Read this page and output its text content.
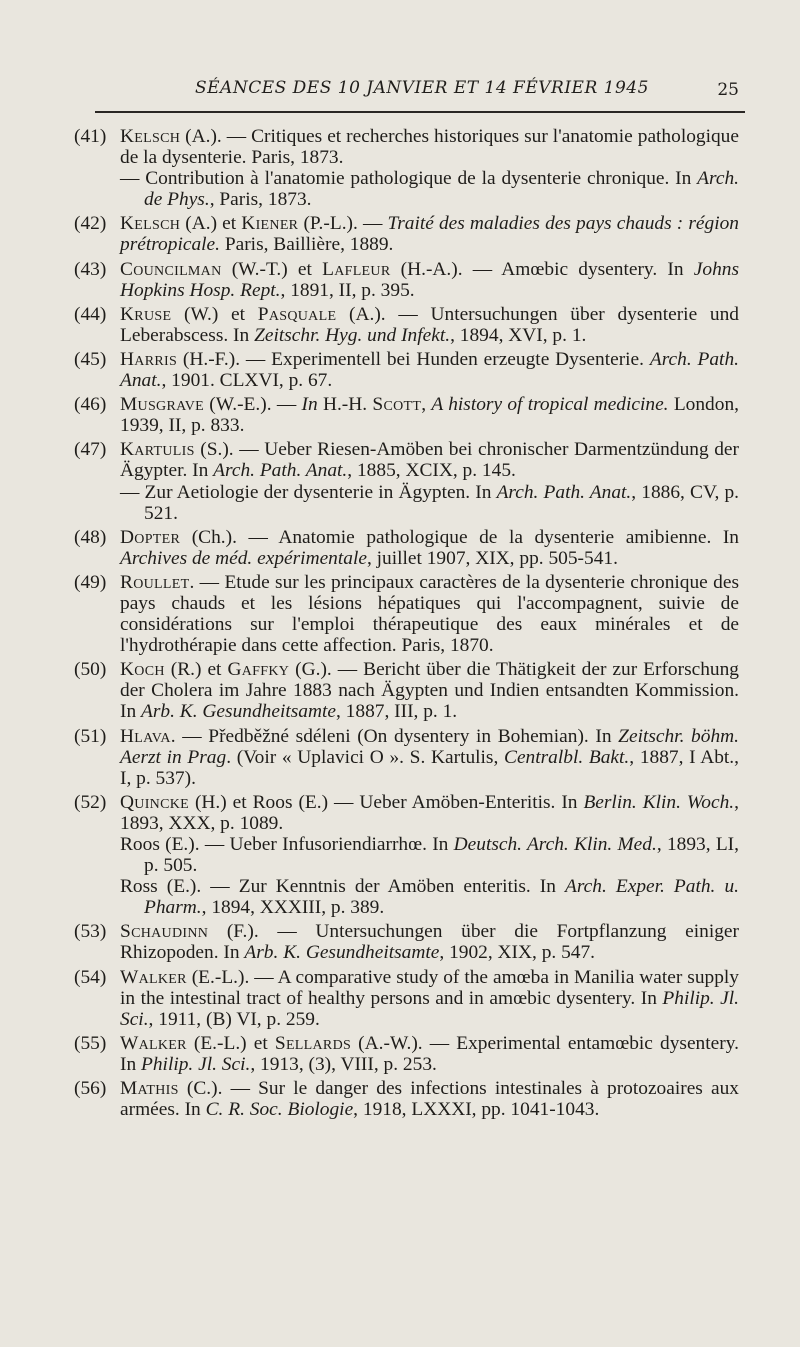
SÉANCES DES 10 JANVIER ET 14 FÉVRIER 1945	25
(41) Kelsch (A.). — Critiques et recherches historiques sur l'anatomie pathologique de la dysenterie. Paris, 1873.
— Contribution à l'anatomie pathologique de la dysenterie chronique. In Arch. de Phys., Paris, 1873.
(42) Kelsch (A.) et Kiener (P.-L.). — Traité des maladies des pays chauds : région prétropicale. Paris, Baillière, 1889.
(43) Councilman (W.-T.) et Lafleur (H.-A.). — Amœbic dysentery. In Johns Hopkins Hosp. Rept., 1891, II, p. 395.
(44) Kruse (W.) et Pasquale (A.). — Untersuchungen über dysenterie und Leberabscess. In Zeitschr. Hyg. und Infekt., 1894, XVI, p. 1.
(45) Harris (H.-F.). — Experimentell bei Hunden erzeugte Dysenterie. Arch. Path. Anat., 1901. CLXVI, p. 67.
(46) Musgrave (W.-E.). — In H.-H. Scott, A history of tropical medicine. London, 1939, II, p. 833.
(47) Kartulis (S.). — Ueber Riesen-Amöben bei chronischer Darmentzündung der Ägypter. In Arch. Path. Anat., 1885, XCIX, p. 145.
— Zur Aetiologie der dysenterie in Ägypten. In Arch. Path. Anat., 1886, CV, p. 521.
(48) Dopter (Ch.). — Anatomie pathologique de la dysenterie amibienne. In Archives de méd. expérimentale, juillet 1907, XIX, pp. 505-541.
(49) Roullet. — Etude sur les principaux caractères de la dysenterie chronique des pays chauds et les lésions hépatiques qui l'accompagnent, suivie de considérations sur l'emploi thérapeutique des eaux minérales et de l'hydrothérapie dans cette affection. Paris, 1870.
(50) Koch (R.) et Gaffky (G.). — Bericht über die Thätigkeit der zur Erforschung der Cholera im Jahre 1883 nach Ägypten und Indien entsandten Kommission. In Arb. K. Gesundheitsamte, 1887, III, p. 1.
(51) Hlava. — Předběžné sdéleni (On dysentery in Bohemian). In Zeitschr. böhm. Aerzt in Prag. (Voir « Uplavici O ». S. Kartulis, Centralbl. Bakt., 1887, I Abt., I, p. 537).
(52) Quincke (H.) et Roos (E.) — Ueber Amöben-Enteritis. In Berlin. Klin. Woch., 1893, XXX, p. 1089.
Roos (E.). — Ueber Infusoriendiarrhœ. In Deutsch. Arch. Klin. Med., 1893, LI, p. 505.
Ross (E.). — Zur Kenntnis der Amöben enteritis. In Arch. Exper. Path. u. Pharm., 1894, XXXIII, p. 389.
(53) Schaudinn (F.). — Untersuchungen über die Fortpflanzung einiger Rhizopoden. In Arb. K. Gesundheitsamte, 1902, XIX, p. 547.
(54) Walker (E.-L.). — A comparative study of the amœba in Manilia water supply in the intestinal tract of healthy persons and in amœbic dysentery. In Philip. Jl. Sci., 1911, (B) VI, p. 259.
(55) Walker (E.-L.) et Sellards (A.-W.). — Experimental entamœbic dysentery. In Philip. Jl. Sci., 1913, (3), VIII, p. 253.
(56) Mathis (C.). — Sur le danger des infections intestinales à protozoaires aux armées. In C. R. Soc. Biologie, 1918, LXXXI, pp. 1041-1043.
